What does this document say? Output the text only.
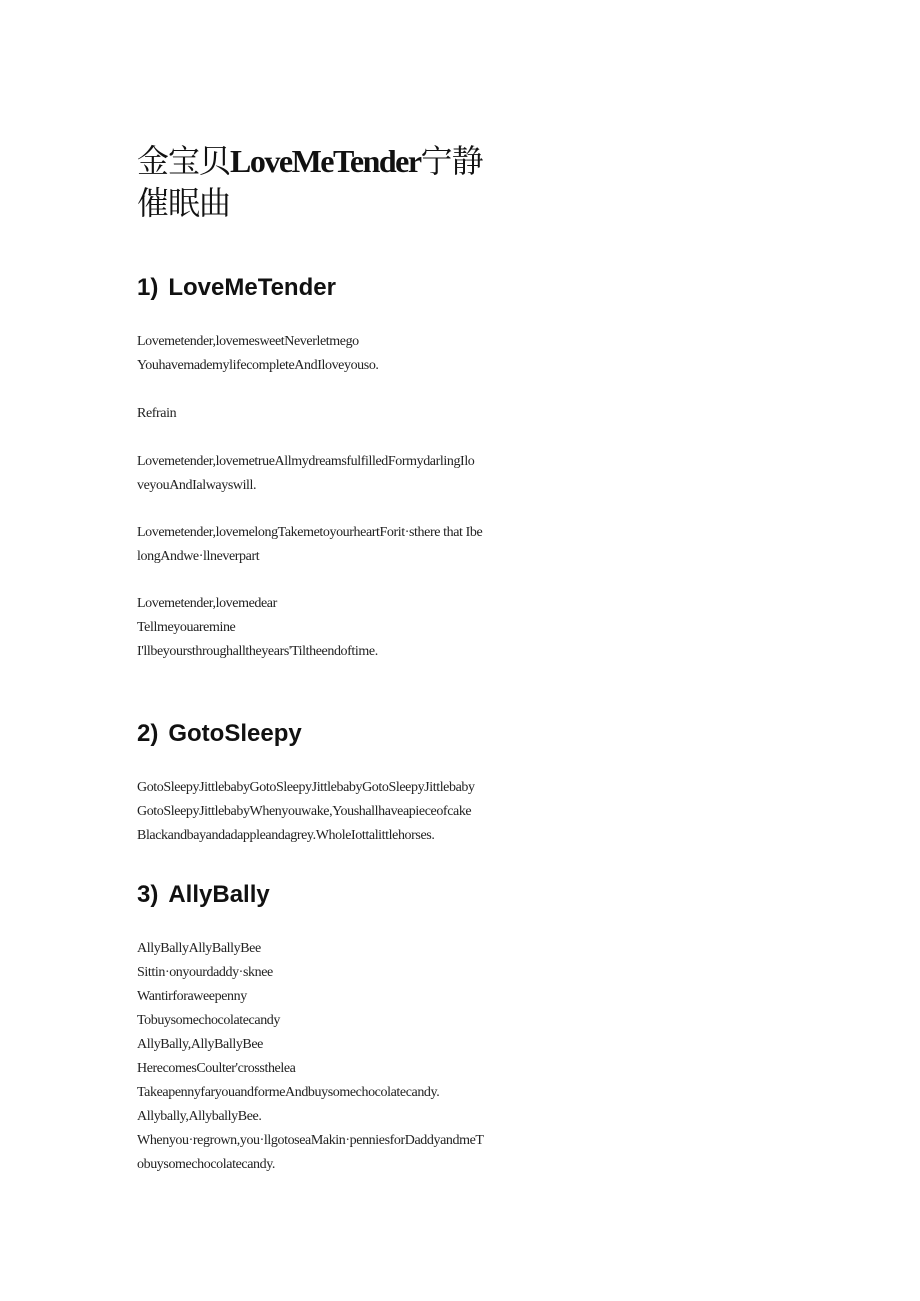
金宝贝LoveMeTender宁静
催眠曲
1) LoveMeTender

Lovemetender,lovemesweetNeverletmego
YouhavemademylifecompleteAndIloveyouso.

Refrain

Lovemetender,lovemetrueAllmydreamsfulfilledFormydarlingIlo
veyouAndIalwayswill.

Lovemetender,lovemelongTakemetoyourheartForit·sthere that Ibe
longAndwe·llneverpart

Lovemetender,lovemedear
Tellmeyouaremine
I'llbeyoursthroughalltheyears'Tiltheendoftime.

2) GotoSleepy

GotoSleepyJittlebabyGotoSleepyJittlebabyGotoSleepyJittlebaby
GotoSleepyJittlebabyWhenyouwake,Youshallhaveapieceofcake
Blackandbayandadappleandagrey.WholeIottalittlehorses.

3) AllyBally

AllyBallyAllyBallyBee
Sittin·onyourdaddy·sknee
Wantirforaweepenny
Tobuysomechocolatecandy
AllyBally,AllyBallyBee
HerecomesCoulter'crossthelea
TakeapennyfaryouandformeAndbuysomechocolatecandy.
Allybally,AllyballyBee.
Whenyou·regrown,you·llgotoseaMakin·penniesforDaddyandmeT
obuysomechocolatecandy.
